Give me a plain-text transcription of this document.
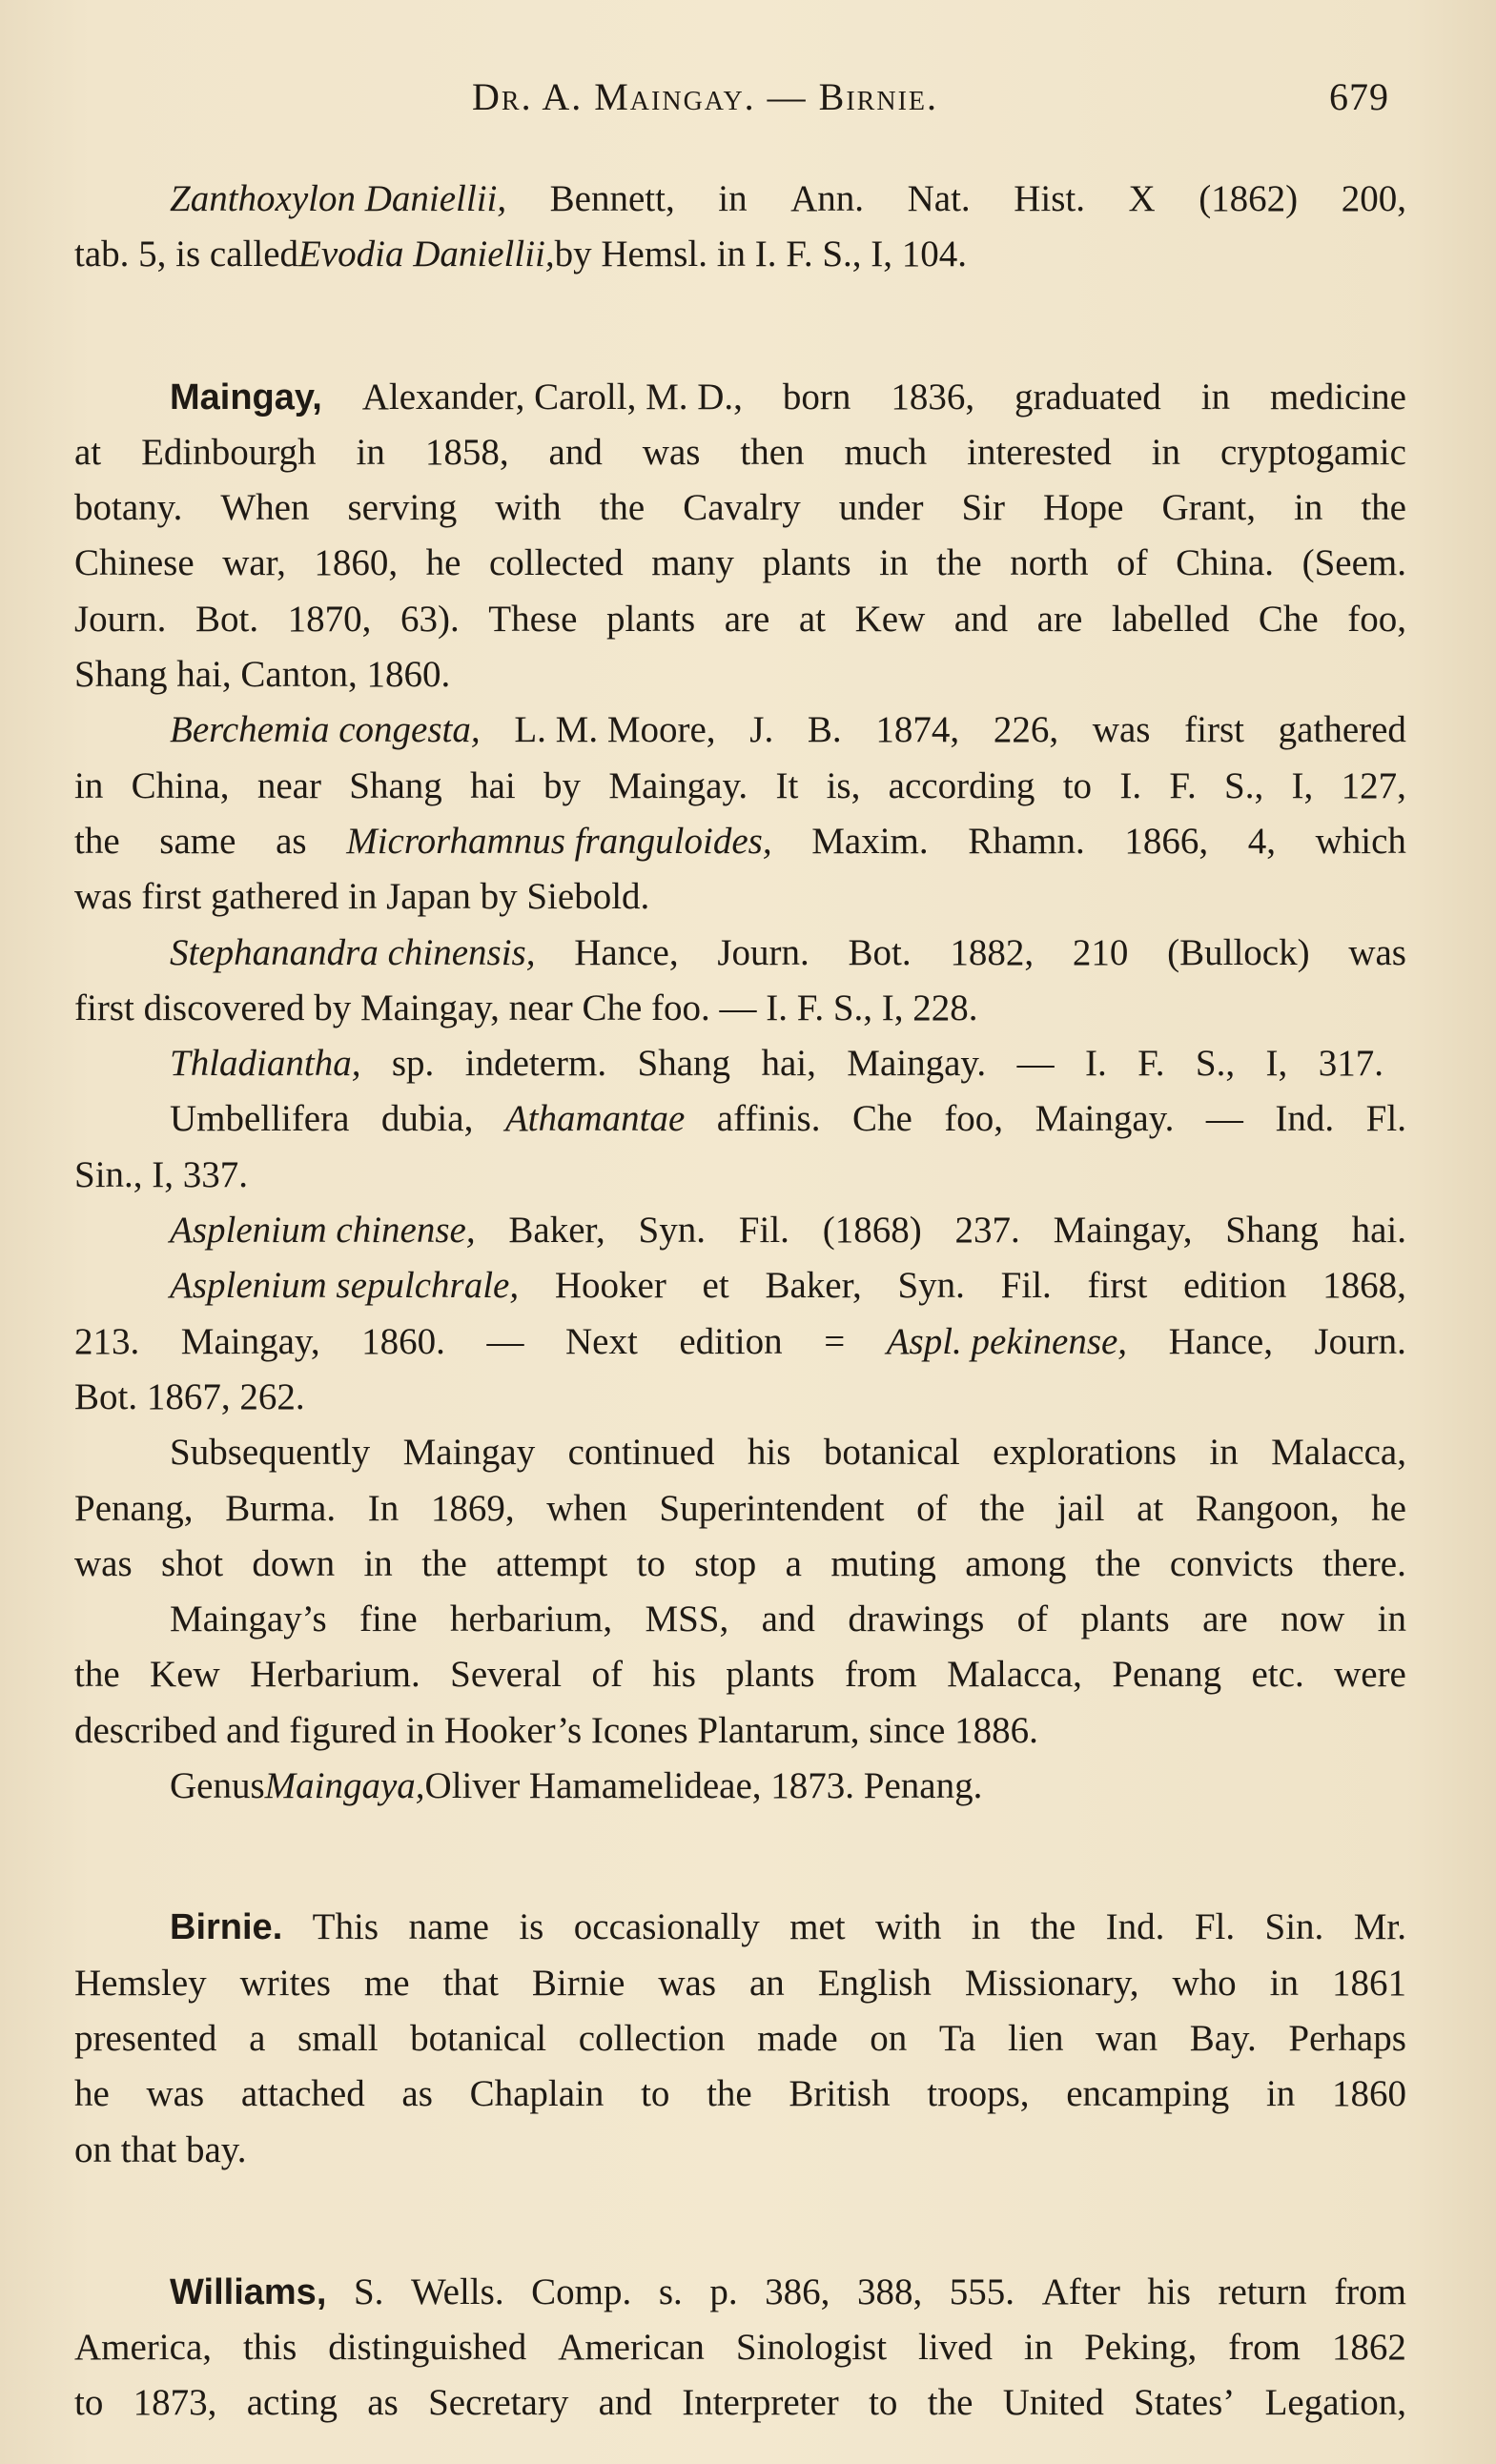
Dr. A. Maingay. — Birnie.	679
Zanthoxylon Daniellii, Bennett, in Ann. Nat. Hist. X (1862) 200,
tab. 5, is called Evodia Daniellii, by Hemsl. in I. F. S., I, 104.
Maingay, Alexander, Caroll, M. D., born 1836, graduated in medicine
at Edinbourgh in 1858, and was then much interested in cryptogamic
botany. When serving with the Cavalry under Sir Hope Grant, in the
Chinese war, 1860, he collected many plants in the north of China. (Seem.
Journ. Bot. 1870, 63). These plants are at Kew and are labelled Che foo,
Shang hai, Canton, 1860.
Berchemia congesta, L. M. Moore, J. B. 1874, 226, was first gathered
in China, near Shang hai by Maingay. It is, according to I. F. S., I, 127,
the same as Microrhamnus franguloides, Maxim. Rhamn. 1866, 4, which
was first gathered in Japan by Siebold.
Stephanandra chinensis, Hance, Journ. Bot. 1882, 210 (Bullock) was
first discovered by Maingay, near Che foo. — I. F. S., I, 228.
Thladiantha, sp. indeterm. Shang hai, Maingay. — I. F. S., I, 317.
Umbellifera dubia, Athamantae affinis. Che foo, Maingay. — Ind. Fl.
Sin., I, 337.
Asplenium chinense, Baker, Syn. Fil. (1868) 237. Maingay, Shang hai.
Asplenium sepulchrale, Hooker et Baker, Syn. Fil. first edition 1868,
213. Maingay, 1860. — Next edition = Aspl. pekinense, Hance, Journ.
Bot. 1867, 262.
Subsequently Maingay continued his botanical explorations in Malacca,
Penang, Burma. In 1869, when Superintendent of the jail at Rangoon, he
was shot down in the attempt to stop a muting among the convicts there.
Maingay’s fine herbarium, MSS, and drawings of plants are now in
the Kew Herbarium. Several of his plants from Malacca, Penang etc. were
described and figured in Hooker’s Icones Plantarum, since 1886.
Genus Maingaya, Oliver Hamamelideae, 1873. Penang.
Birnie. This name is occasionally met with in the Ind. Fl. Sin. Mr.
Hemsley writes me that Birnie was an English Missionary, who in 1861
presented a small botanical collection made on Ta lien wan Bay. Perhaps
he was attached as Chaplain to the British troops, encamping in 1860
on that bay.
Williams, S. Wells. Comp. s. p. 386, 388, 555. After his return from
America, this distinguished American Sinologist lived in Peking, from 1862
to 1873, acting as Secretary and Interpreter to the United States’ Legation,
